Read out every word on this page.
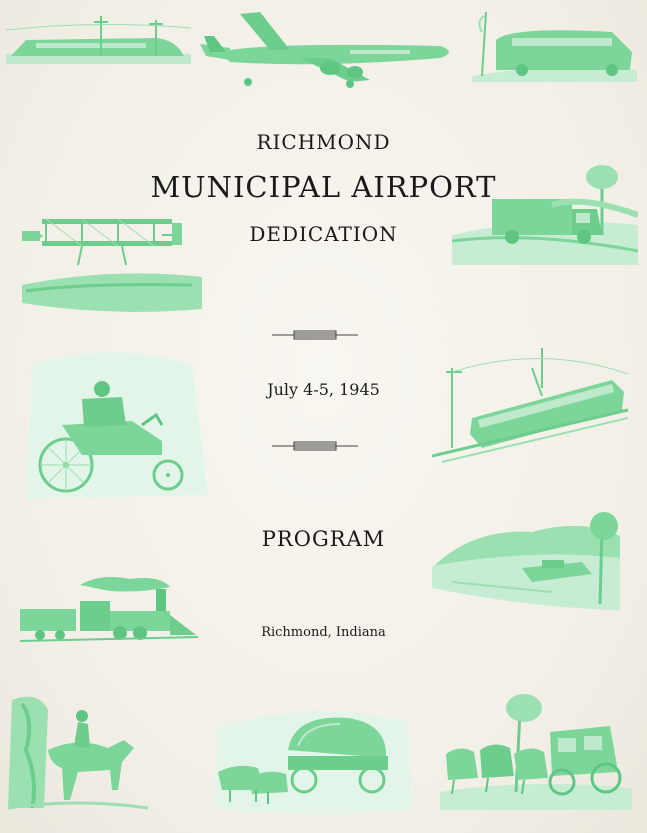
RICHMOND
MUNICIPAL AIRPORT
DEDICATION
July 4-5, 1945
PROGRAM
Richmond, Indiana
